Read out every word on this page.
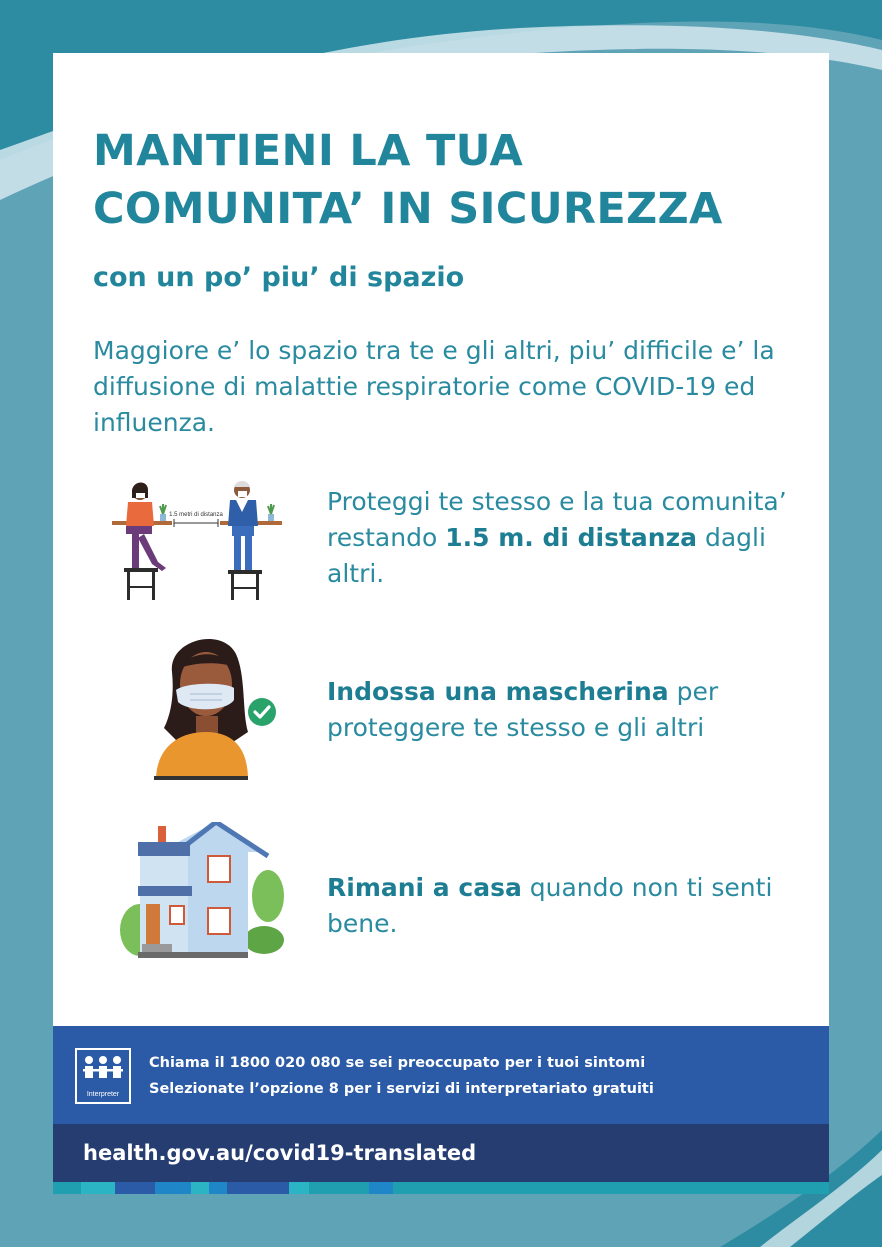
MANTIENI LA TUA
COMUNITA’ IN SICUREZZA

con un po’ piu’ di spazio

Maggiore e’ lo spazio tra te e gli altri, piu’ difficile e’ la diffusione di malattie respiratorie come COVID-19 ed influenza.

1.5 metri di distanza	Proteggi te stesso e la tua comunita’ restando 1.5 m. di distanza dagli altri.

Indossa una mascherina per proteggere te stesso e gli altri

Rimani a casa quando non ti senti bene.

Interpreter

Chiama il 1800 020 080 se sei preoccupato per i tuoi sintomi

Selezionate l’opzione 8 per i servizi di interpretariato gratuiti

health.gov.au/covid19-translated
